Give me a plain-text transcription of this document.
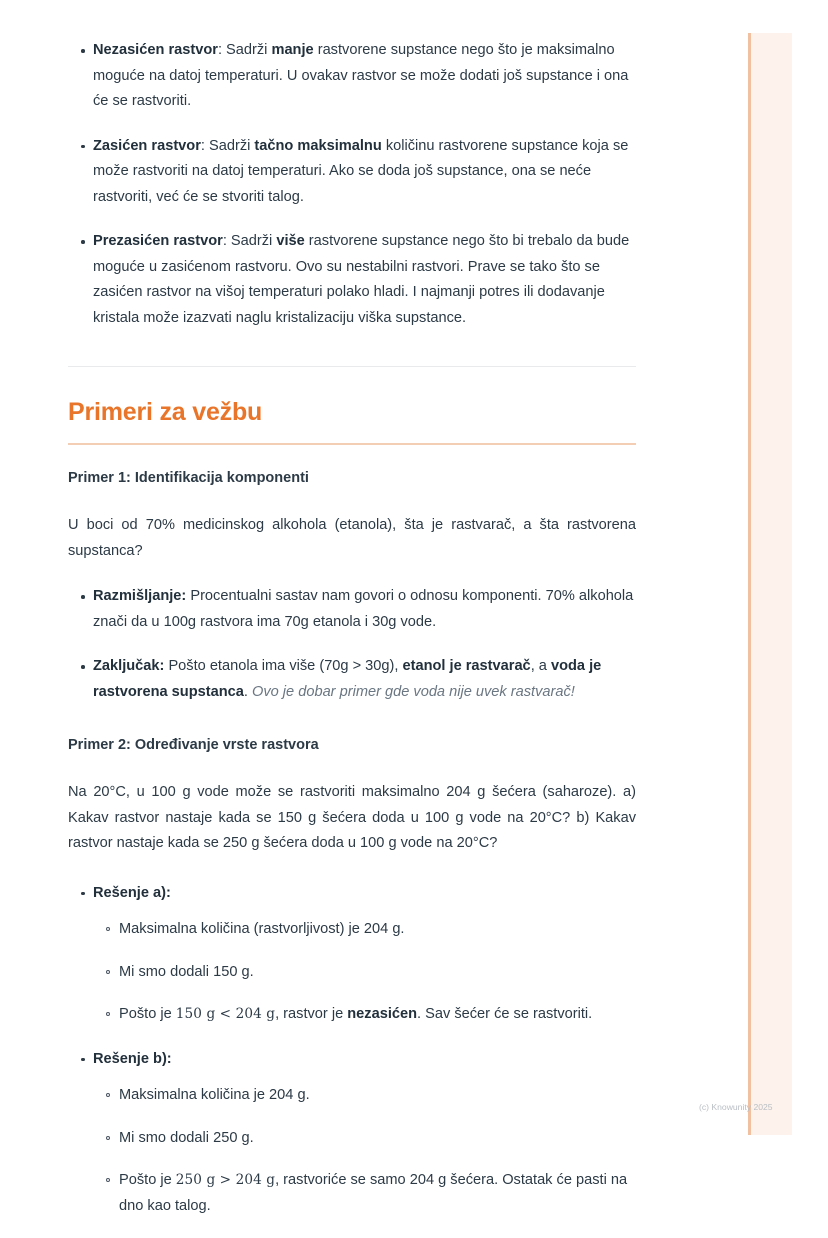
Nezasićen rastvor: Sadrži manje rastvorene supstance nego što je maksimalno moguće na datoj temperaturi. U ovakav rastvor se može dodati još supstance i ona će se rastvoriti.
Zasićen rastvor: Sadrži tačno maksimalnu količinu rastvorene supstance koja se može rastvoriti na datoj temperaturi. Ako se doda još supstance, ona se neće rastvoriti, već će se stvoriti talog.
Prezasićen rastvor: Sadrži više rastvorene supstance nego što bi trebalo da bude moguće u zasićenom rastvoru. Ovo su nestabilni rastvori. Prave se tako što se zasićen rastvor na višoj temperaturi polako hladi. I najmanji potres ili dodavanje kristala može izazvati naglu kristalizaciju viška supstance.
Primeri za vežbu
Primer 1: Identifikacija komponenti

U boci od 70% medicinskog alkohola (etanola), šta je rastvarač, a šta rastvorena supstanca?

Razmišljanje: Procentualni sastav nam govori o odnosu komponenti. 70% alkohola znači da u 100g rastvora ima 70g etanola i 30g vode.
Zaključak: Pošto etanola ima više (70g > 30g), etanol je rastvarač, a voda je rastvorena supstanca. Ovo je dobar primer gde voda nije uvek rastvarač!
Primer 2: Određivanje vrste rastvora

Na 20°C, u 100 g vode može se rastvoriti maksimalno 204 g šećera (saharoze). a) Kakav rastvor nastaje kada se 150 g šećera doda u 100 g vode na 20°C? b) Kakav rastvor nastaje kada se 250 g šećera doda u 100 g vode na 20°C?

Rešenje a):
Maksimalna količina (rastvorljivost) je 204 g.
Mi smo dodali 150 g.
Pošto je 150 g < 204 g, rastvor je nezasićen. Sav šećer će se rastvoriti.
Rešenje b):
Maksimalna količina je 204 g.
Mi smo dodali 250 g.
Pošto je 250 g > 204 g, rastvoriće se samo 204 g šećera. Ostatak će pasti na dno kao talog.
(c) Knowunity 2025
